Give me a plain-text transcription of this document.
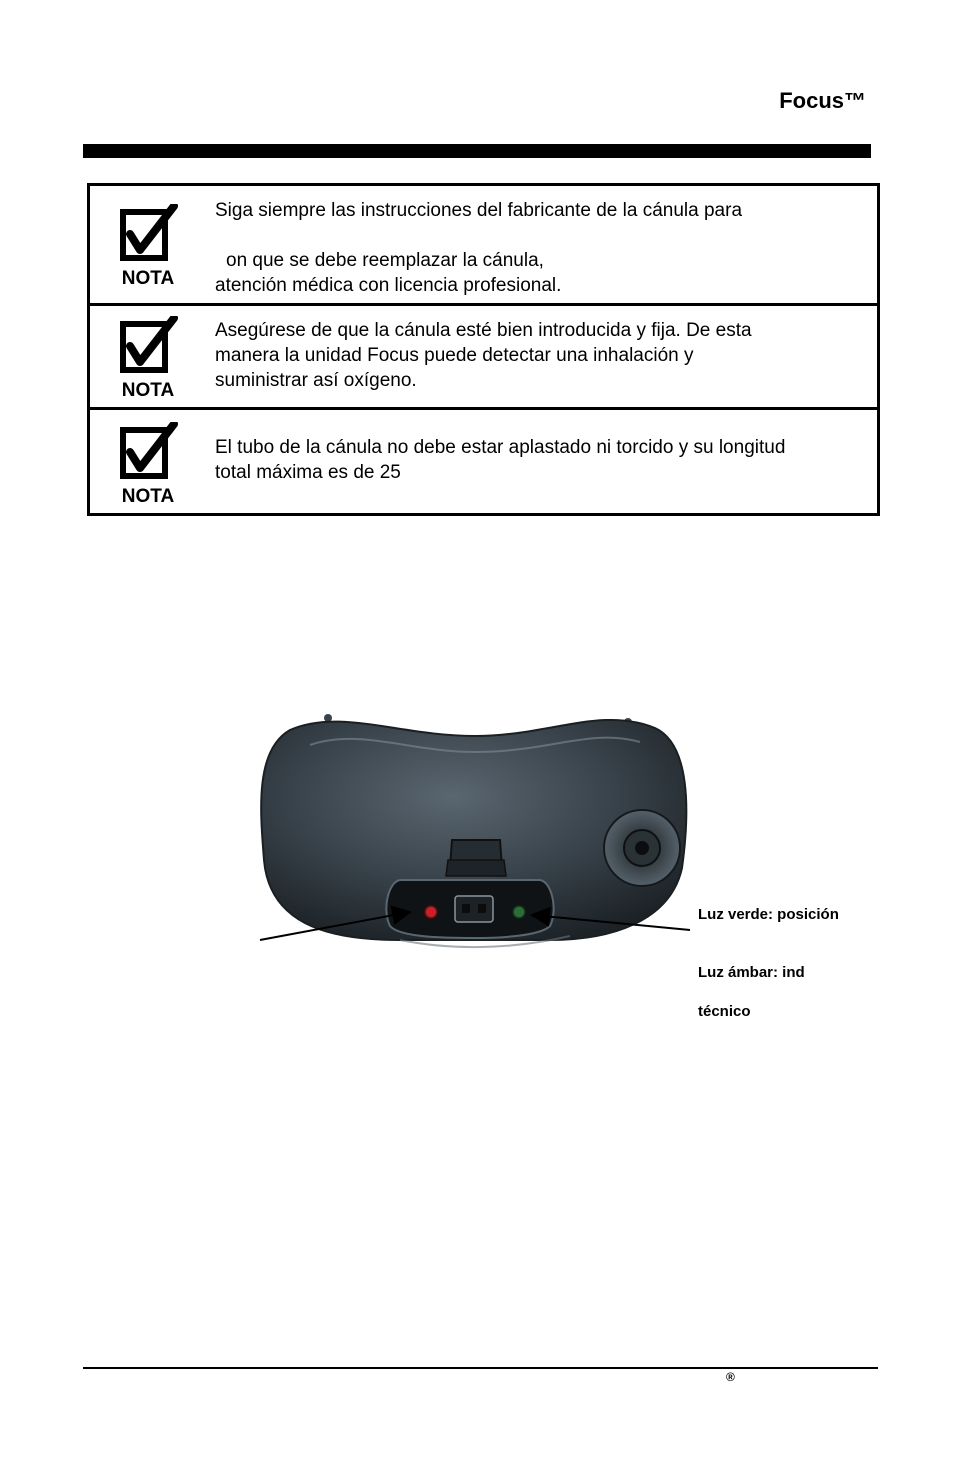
Focus™
NOTA
Siga siempre las instrucciones del fabricante de la cánula para
on que se debe reemplazar la cánula,
atención médica con licencia profesional.
NOTA
Asegúrese de que la cánula esté bien introducida y fija. De esta
manera la unidad Focus puede detectar una inhalación y
suministrar así oxígeno.
NOTA
El tubo de la cánula no debe estar aplastado ni torcido y su longitud
total máxima es de 25
Luz verde: posición
Luz ámbar: ind
técnico
®
